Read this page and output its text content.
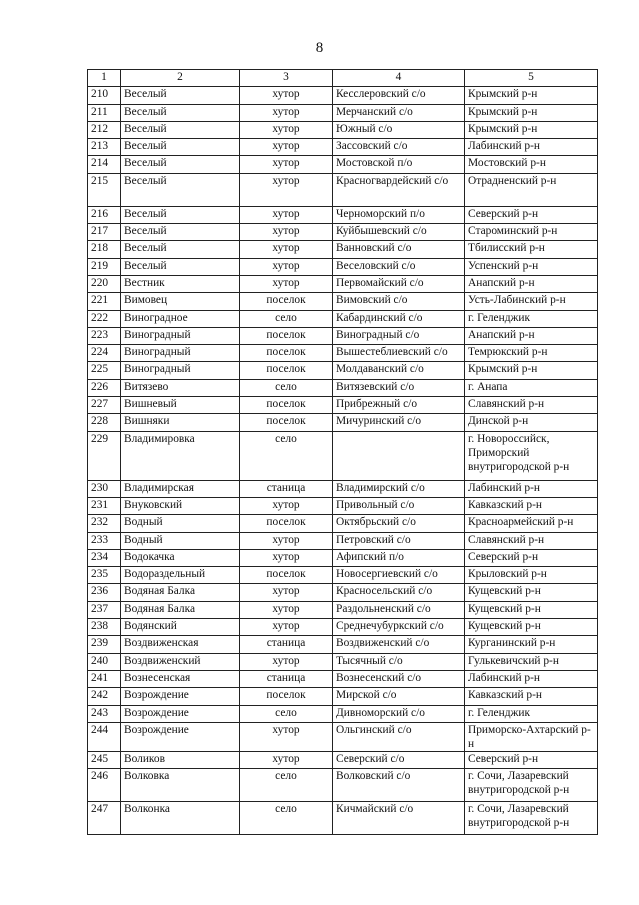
8
1	2	3	4	5
210	Веселый	хутор	Кесслеровский с/о	Крымский р-н
211	Веселый	хутор	Мерчанский с/о	Крымский р-н
212	Веселый	хутор	Южный с/о	Крымский р-н
213	Веселый	хутор	Зассовский с/о	Лабинский р-н
214	Веселый	хутор	Мостовской п/о	Мостовский р-н
215	Веселый	хутор	Красногвардейский с/о	Отрадненский р-н
216	Веселый	хутор	Черноморский п/о	Северский р-н
217	Веселый	хутор	Куйбышевский с/о	Староминский р-н
218	Веселый	хутор	Ванновский с/о	Тбилисский р-н
219	Веселый	хутор	Веселовский с/о	Успенский р-н
220	Вестник	хутор	Первомайский с/о	Анапский р-н
221	Вимовец	поселок	Вимовский с/о	Усть-Лабинский р-н
222	Виноградное	село	Кабардинский с/о	г. Геленджик
223	Виноградный	поселок	Виноградный с/о	Анапский р-н
224	Виноградный	поселок	Вышестеблиевский с/о	Темрюкский р-н
225	Виноградный	поселок	Молдаванский с/о	Крымский р-н
226	Витязево	село	Витязевский с/о	г. Анапа
227	Вишневый	поселок	Прибрежный с/о	Славянский р-н
228	Вишняки	поселок	Мичуринский с/о	Динской р-н
229	Владимировка	село		г. Новороссийск, Приморский внутригородской р-н
230	Владимирская	станица	Владимирский с/о	Лабинский р-н
231	Внуковский	хутор	Привольный с/о	Кавказский р-н
232	Водный	поселок	Октябрьский с/о	Красноармейский р-н
233	Водный	хутор	Петровский с/о	Славянский р-н
234	Водокачка	хутор	Афипский п/о	Северский р-н
235	Водораздельный	поселок	Новосергиевский с/о	Крыловский р-н
236	Водяная Балка	хутор	Красносельский с/о	Кущевский р-н
237	Водяная Балка	хутор	Раздольненский с/о	Кущевский р-н
238	Водянский	хутор	Среднечубуркский с/о	Кущевский р-н
239	Воздвиженская	станица	Воздвиженский с/о	Курганинский р-н
240	Воздвиженский	хутор	Тысячный с/о	Гулькевичский р-н
241	Вознесенская	станица	Вознесенский с/о	Лабинский р-н
242	Возрождение	поселок	Мирской с/о	Кавказский р-н
243	Возрождение	село	Дивноморский с/о	г. Геленджик
244	Возрождение	хутор	Ольгинский с/о	Приморско-Ахтарский р-н
245	Воликов	хутор	Северский с/о	Северский р-н
246	Волковка	село	Волковский с/о	г. Сочи, Лазаревский внутригородской р-н
247	Волконка	село	Кичмайский с/о	г. Сочи, Лазаревский внутригородской р-н
